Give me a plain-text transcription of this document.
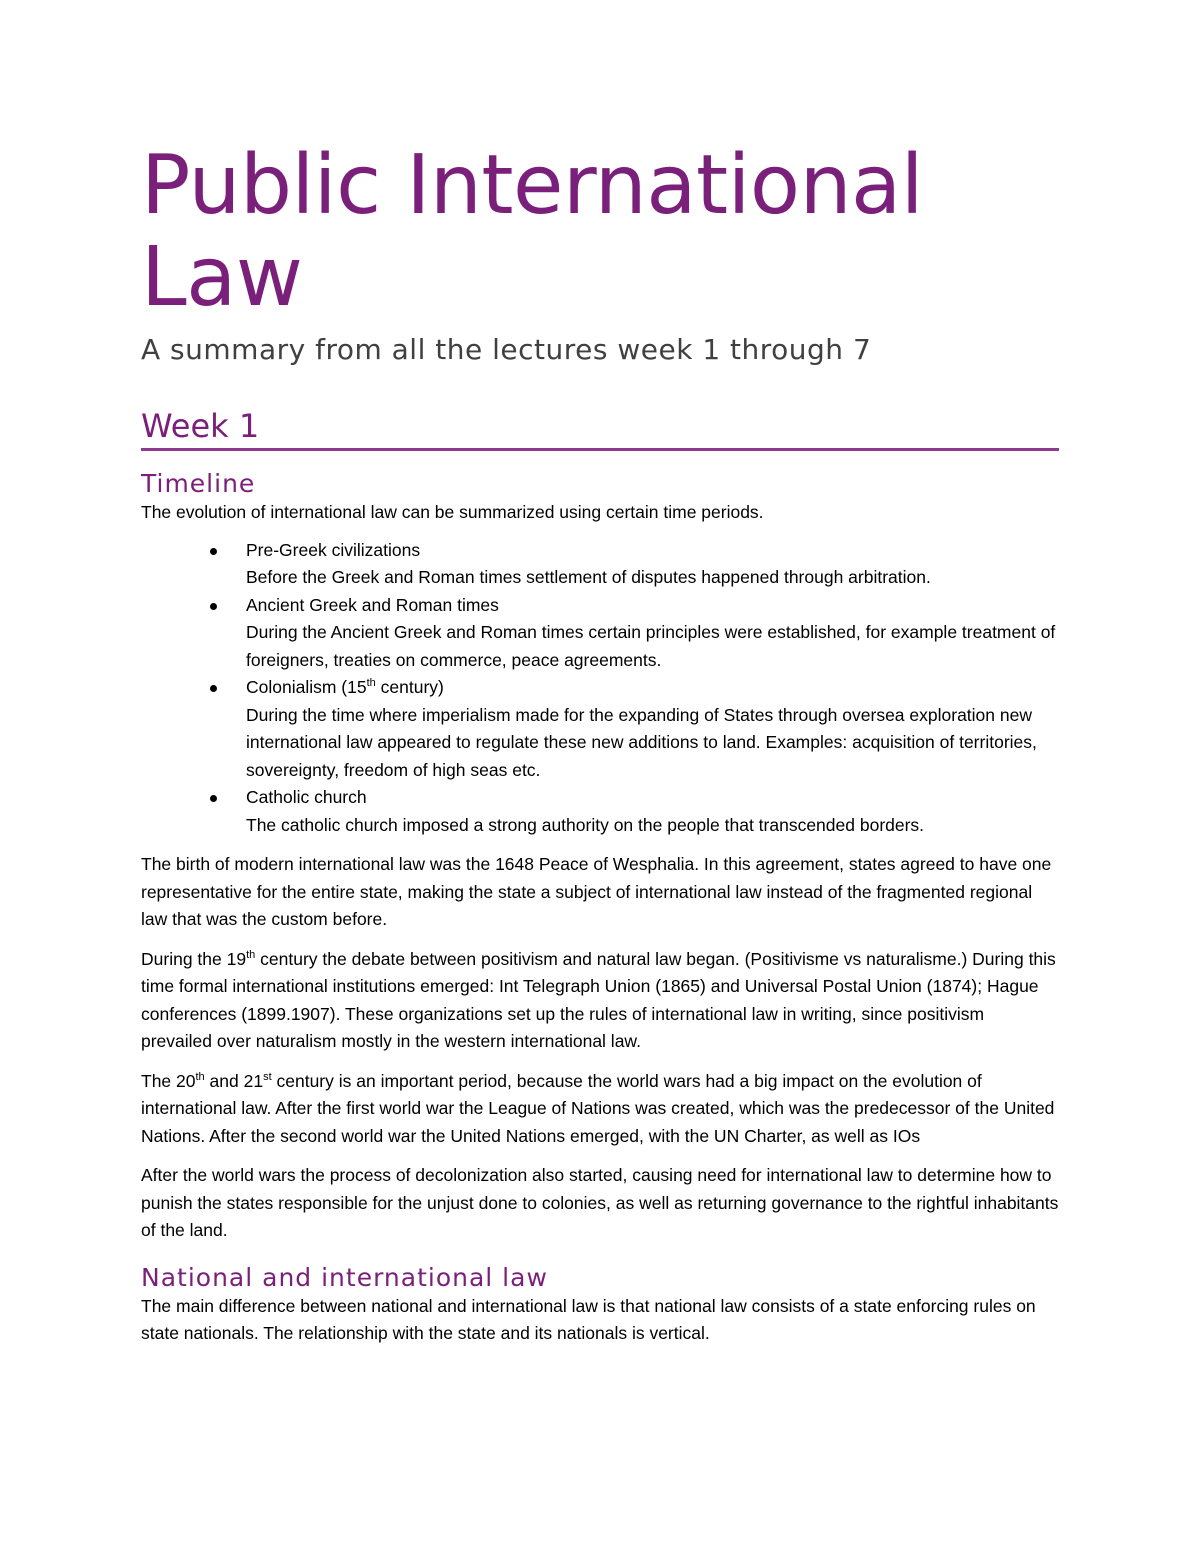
Public International Law
A summary from all the lectures week 1 through 7
Week 1
Timeline

The evolution of international law can be summarized using certain time periods.

Pre-Greek civilizations
Before the Greek and Roman times settlement of disputes happened through arbitration.
Ancient Greek and Roman times
During the Ancient Greek and Roman times certain principles were established, for example treatment of foreigners, treaties on commerce, peace agreements.
Colonialism (15th century)
During the time where imperialism made for the expanding of States through oversea exploration new international law appeared to regulate these new additions to land. Examples: acquisition of territories, sovereignty, freedom of high seas etc.
Catholic church
The catholic church imposed a strong authority on the people that transcended borders.

The birth of modern international law was the 1648 Peace of Wesphalia. In this agreement, states agreed to have one representative for the entire state, making the state a subject of international law instead of the fragmented regional law that was the custom before.

During the 19th century the debate between positivism and natural law began. (Positivisme vs naturalisme.) During this time formal international institutions emerged: Int Telegraph Union (1865) and Universal Postal Union (1874); Hague conferences (1899.1907). These organizations set up the rules of international law in writing, since positivism prevailed over naturalism mostly in the western international law.

The 20th and 21st century is an important period, because the world wars had a big impact on the evolution of international law. After the first world war the League of Nations was created, which was the predecessor of the United Nations. After the second world war the United Nations emerged, with the UN Charter, as well as IOs

After the world wars the process of decolonization also started, causing need for international law to determine how to punish the states responsible for the unjust done to colonies, as well as returning governance to the rightful inhabitants of the land.

National and international law

The main difference between national and international law is that national law consists of a state enforcing rules on state nationals. The relationship with the state and its nationals is vertical.
